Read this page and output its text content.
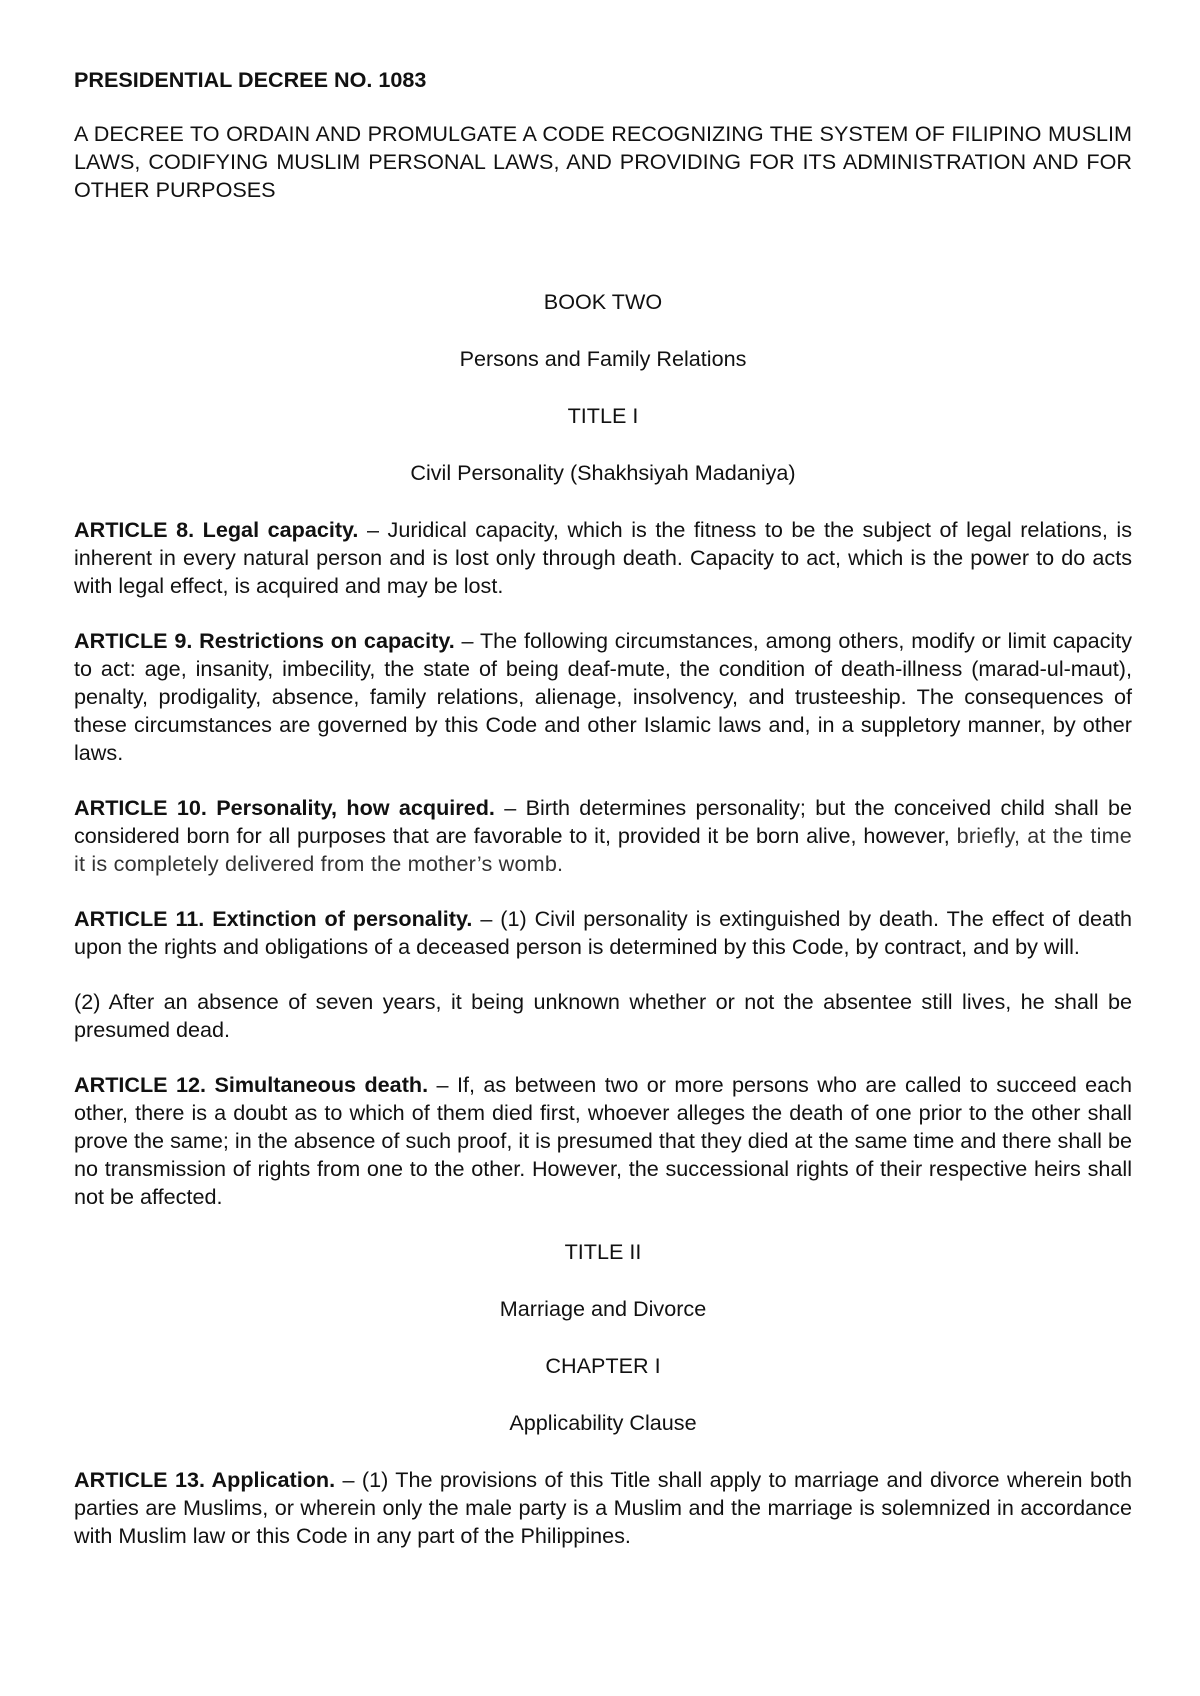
PRESIDENTIAL DECREE NO. 1083

A DECREE TO ORDAIN AND PROMULGATE A CODE RECOGNIZING THE SYSTEM OF FILIPINO MUSLIM LAWS, CODIFYING MUSLIM PERSONAL LAWS, AND PROVIDING FOR ITS ADMINISTRATION AND FOR OTHER PURPOSES

BOOK TWO

Persons and Family Relations

TITLE I

Civil Personality (Shakhsiyah Madaniya)

ARTICLE 8. Legal capacity. – Juridical capacity, which is the fitness to be the subject of legal relations, is inherent in every natural person and is lost only through death. Capacity to act, which is the power to do acts with legal effect, is acquired and may be lost.

ARTICLE 9. Restrictions on capacity. – The following circumstances, among others, modify or limit capacity to act: age, insanity, imbecility, the state of being deaf-mute, the condition of death-illness (marad-ul-maut), penalty, prodigality, absence, family relations, alienage, insolvency, and trusteeship. The consequences of these circumstances are governed by this Code and other Islamic laws and, in a suppletory manner, by other laws.

ARTICLE 10. Personality, how acquired. – Birth determines personality; but the conceived child shall be considered born for all purposes that are favorable to it, provided it be born alive, however, briefly, at the time it is completely delivered from the mother’s womb.

ARTICLE 11. Extinction of personality. – (1) Civil personality is extinguished by death. The effect of death upon the rights and obligations of a deceased person is determined by this Code, by contract, and by will.

(2) After an absence of seven years, it being unknown whether or not the absentee still lives, he shall be presumed dead.

ARTICLE 12. Simultaneous death. – If, as between two or more persons who are called to succeed each other, there is a doubt as to which of them died first, whoever alleges the death of one prior to the other shall prove the same; in the absence of such proof, it is presumed that they died at the same time and there shall be no transmission of rights from one to the other. However, the successional rights of their respective heirs shall not be affected.

TITLE II

Marriage and Divorce

CHAPTER I

Applicability Clause

ARTICLE 13. Application. – (1) The provisions of this Title shall apply to marriage and divorce wherein both parties are Muslims, or wherein only the male party is a Muslim and the marriage is solemnized in accordance with Muslim law or this Code in any part of the Philippines.
